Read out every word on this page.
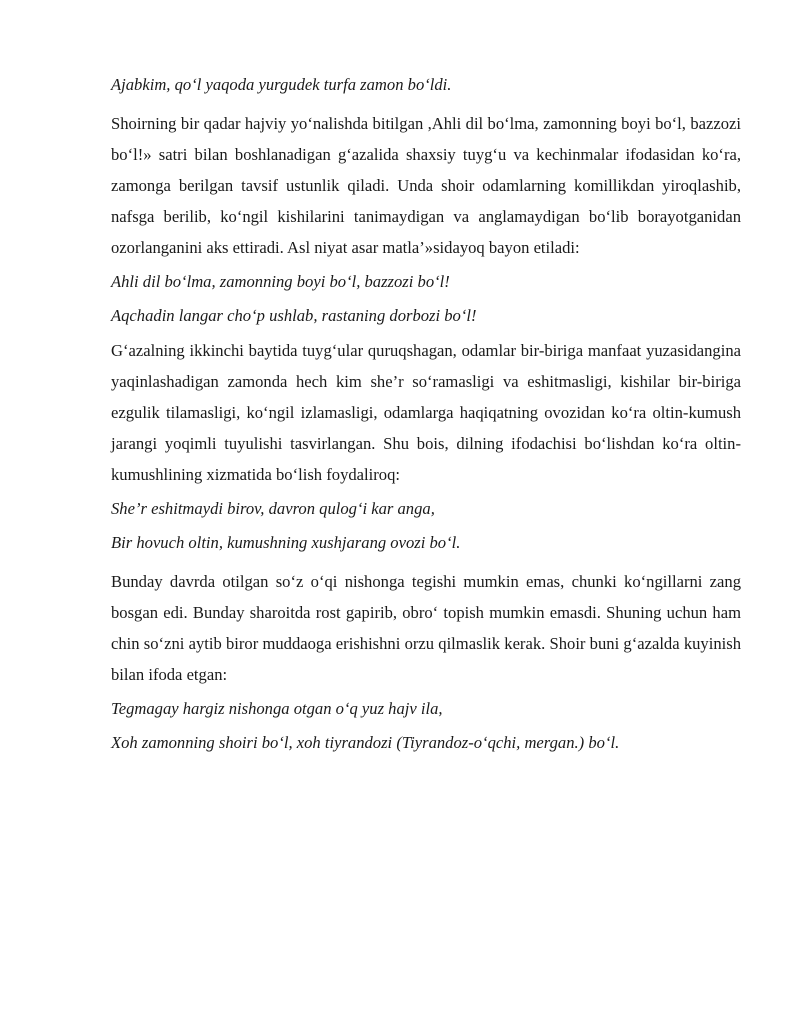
Ajabkim, qo‘l yaqoda yurgudek turfa zamon bo‘ldi.

Shoirning bir qadar hajviy yo‘nalishda bitilgan ,Ahli dil bo‘lma, zamonning boyi bo‘l, bazzozi bo‘l!» satri bilan boshlanadigan g‘azalida shaxsiy tuyg‘u va kechinmalar ifodasidan ko‘ra, zamonga berilgan tavsif ustunlik qiladi. Unda shoir odamlarning komillikdan yiroqlashib, nafsga berilib, ko‘ngil kishilarini tanimaydigan va anglamaydigan bo‘lib borayotganidan ozorlanganini aks ettiradi. Asl niyat asar matla’»sidayoq bayon etiladi:

Ahli dil bo‘lma, zamonning boyi bo‘l, bazzozi bo‘l!

Aqchadin langar cho‘p ushlab, rastaning dorbozi bo‘l!

G‘azalning ikkinchi baytida tuyg‘ular quruqshagan, odamlar bir-biriga manfaat yuzasidangina yaqinlashadigan zamonda hech kim she’r so‘ramasligi va eshitmasligi, kishilar bir-biriga ezgulik tilamasligi, ko‘ngil izlamasligi, odamlarga haqiqatning ovozidan ko‘ra oltin-kumush jarangi yoqimli tuyulishi tasvirlangan. Shu bois, dilning ifodachisi bo‘lishdan ko‘ra oltin-kumushlining xizmatida bo‘lish foydaliroq:

She’r eshitmaydi birov, davron qulog‘i kar anga,

Bir hovuch oltin, kumushning xushjarang ovozi bo‘l.

Bunday davrda otilgan so‘z o‘qi nishonga tegishi mumkin emas, chunki ko‘ngillarni zang bosgan edi. Bunday sharoitda rost gapirib, obro‘ topish mumkin emasdi. Shuning uchun ham chin so‘zni aytib biror muddaoga erishishni orzu qilmaslik kerak. Shoir buni g‘azalda kuyinish bilan ifoda etgan:

Tegmagay hargiz nishonga otgan o‘q yuz hajv ila,

Xoh zamonning shoiri bo‘l, xoh tiyrandozi (Tiyrandoz-o‘qchi, mergan.) bo‘l.
